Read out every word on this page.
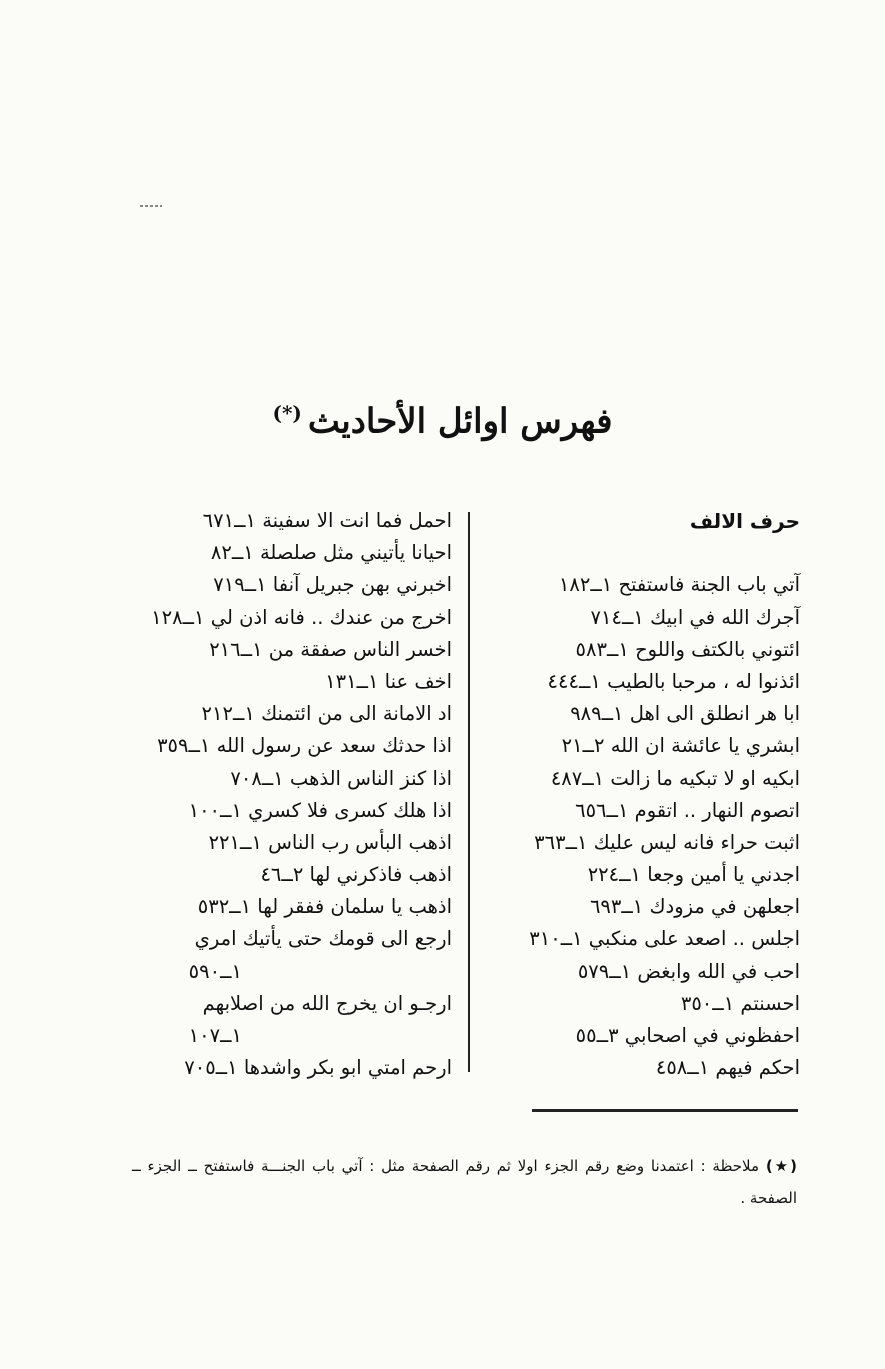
فهرس اوائل الأحاديث(*)
حرف الالف
آتي باب الجنة فاستفتح ١ــ١٨٢
آجرك الله في ابيك ١ــ٧١٤
ائتوني بالكتف واللوح ١ــ٥٨٣
ائذنوا له ، مرحبا بالطيب ١ــ٤٤٤
ابا هر انطلق الى اهل ١ــ٩٨٩
ابشري يا عائشة ان الله ٢ــ٢١
ابكيه او لا تبكيه ما زالت ١ــ٤٨٧
اتصوم النهار .. اتقوم ١ــ٦٥٦
اثبت حراء فانه ليس عليك ١ــ٣٦٣
اجدني يا أمين وجعا ١ــ٢٢٤
اجعلهن في مزودك ١ــ٦٩٣
اجلس .. اصعد على منكبي ١ــ٣١٠
احب في الله وابغض ١ــ٥٧٩
احسنتم ١ــ٣٥٠
احفظوني في اصحابي ٣ــ٥٥
احكم فيهم ١ــ٤٥٨
احمل فما انت الا سفينة ١ــ٦٧١
احيانا يأتيني مثل صلصلة ١ــ٨٢
اخبرني بهن جبريل آنفا ١ــ٧١٩
اخرج من عندك .. فانه اذن لي ١ــ١٢٨
اخسر الناس صفقة من ١ــ٢١٦
اخف عنا ١ــ١٣١
اد الامانة الى من ائتمنك ١ــ٢١٢
اذا حدثك سعد عن رسول الله ١ــ٣٥٩
اذا كنز الناس الذهب ١ــ٧٠٨
اذا هلك كسرى فلا كسري ١ــ١٠٠
اذهب البأس رب الناس ١ــ٢٢١
اذهب فاذكرني لها ٢ــ٤٦
اذهب يا سلمان ففقر لها ١ــ٥٣٢
ارجع الى قومك حتى يأتيك امري
١ــ٥٩٠
ارجـو ان يخرج الله من اصلابهم
١ــ١٠٧
ارحم امتي ابو بكر واشدها ١ــ٧٠٥
(★) ملاحظة : اعتمدنا وضع رقم الجزء اولا ثم رقم الصفحة مثل : آتي باب الجنـــة فاستفتح ــ الجزء ــ الصفحة .
